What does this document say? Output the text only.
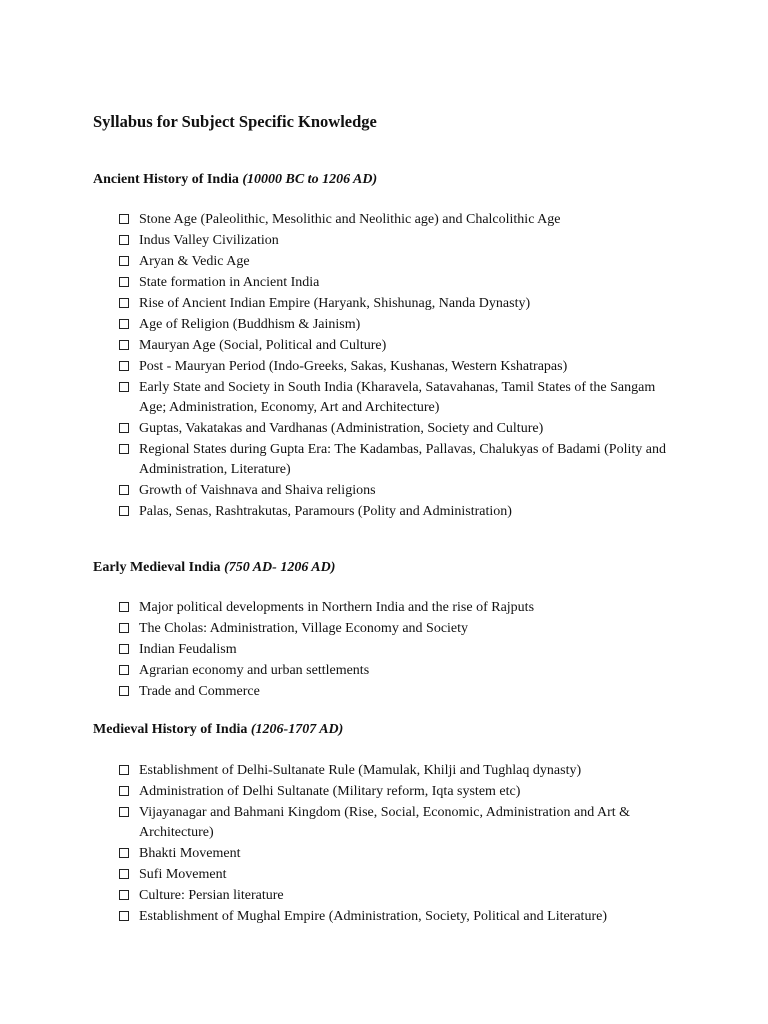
Syllabus for Subject Specific Knowledge
Ancient History of India (10000 BC to 1206 AD)
Stone Age (Paleolithic, Mesolithic and Neolithic age) and Chalcolithic Age
Indus Valley Civilization
Aryan & Vedic Age
State formation in Ancient India
Rise of Ancient Indian Empire (Haryank, Shishunag, Nanda Dynasty)
Age of Religion (Buddhism & Jainism)
Mauryan Age (Social, Political and Culture)
Post - Mauryan Period (Indo-Greeks, Sakas, Kushanas, Western Kshatrapas)
Early State and Society in South India (Kharavela, Satavahanas, Tamil States of the Sangam Age; Administration, Economy, Art and Architecture)
Guptas, Vakatakas and Vardhanas (Administration, Society and Culture)
Regional States during Gupta Era: The Kadambas, Pallavas, Chalukyas of Badami (Polity and Administration, Literature)
Growth of Vaishnava and Shaiva religions
Palas, Senas, Rashtrakutas, Paramours (Polity and Administration)
Early Medieval India (750 AD- 1206 AD)
Major political developments in Northern India and the rise of Rajputs
The Cholas: Administration, Village Economy and Society
Indian Feudalism
Agrarian economy and urban settlements
Trade and Commerce
Medieval History of India (1206-1707 AD)
Establishment of Delhi-Sultanate Rule (Mamulak, Khilji and Tughlaq dynasty)
Administration of Delhi Sultanate (Military reform, Iqta system etc)
Vijayanagar and Bahmani Kingdom (Rise, Social, Economic, Administration and Art & Architecture)
Bhakti Movement
Sufi Movement
Culture: Persian literature
Establishment of Mughal Empire (Administration, Society, Political and Literature)
